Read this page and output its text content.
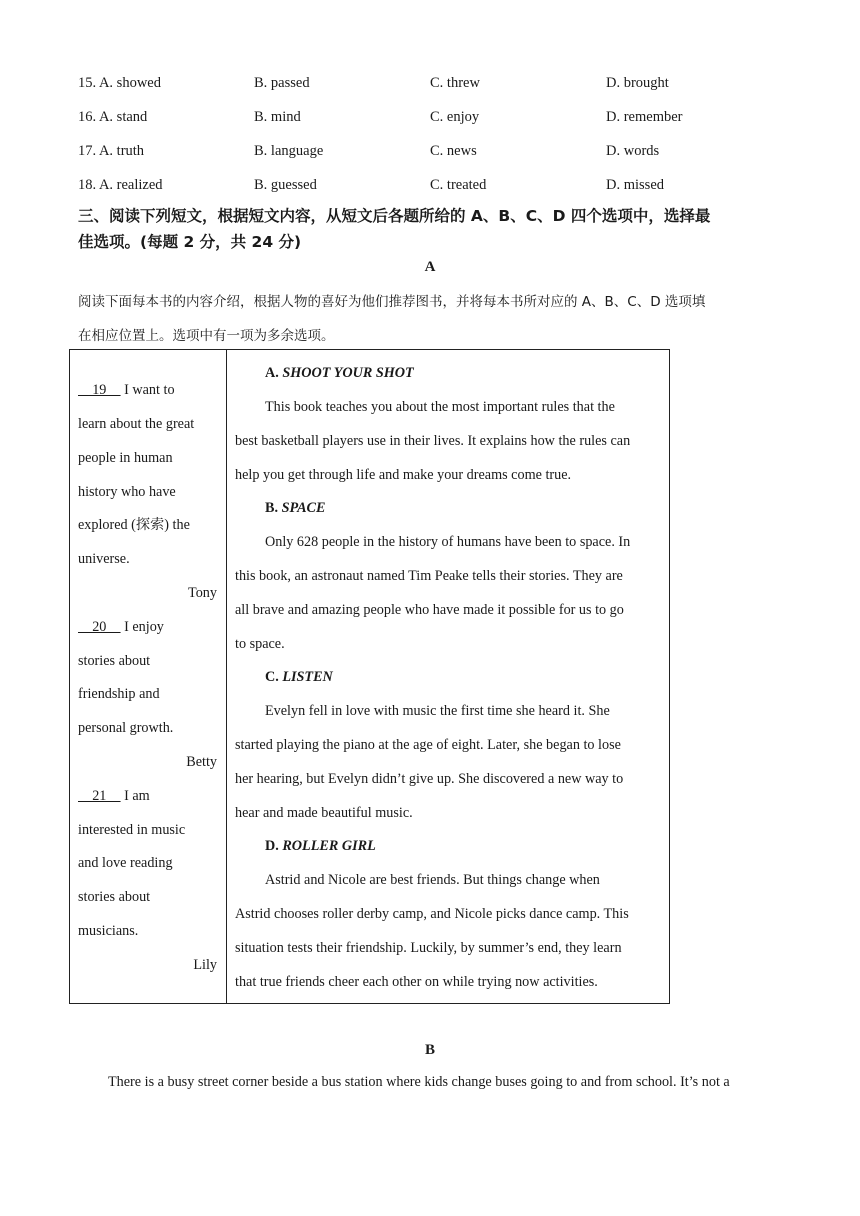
15. A. showed	B. passed	C. threw	D. brought
16. A. stand	B. mind	C. enjoy	D. remember
17. A. truth	B. language	C. news	D. words
18. A. realized	B. guessed	C. treated	D. missed
三、阅读下列短文，根据短文内容，从短文后各题所给的 A、B、C、D 四个选项中，选择最
佳选项。(每题 2 分，共 24 分)
A
阅读下面每本书的内容介绍，根据人物的喜好为他们推荐图书，并将每本书所对应的 A、B、C、D 选项填
在相应位置上。选项中有一项为多余选项。
19     I want to
learn about the great
people in human
history who have
explored (探索) the
universe.
Tony
20     I enjoy
stories about
friendship and
personal growth.
Betty
21     I am
interested in music
and love reading
stories about
musicians.
Lily
A. SHOOT YOUR SHOT
This book teaches you about the most important rules that the
best basketball players use in their lives. It explains how the rules can
help you get through life and make your dreams come true.
B. SPACE
Only 628 people in the history of humans have been to space. In
this book, an astronaut named Tim Peake tells their stories. They are
all brave and amazing people who have made it possible for us to go
to space.
C. LISTEN
Evelyn fell in love with music the first time she heard it. She
started playing the piano at the age of eight. Later, she began to lose
her hearing, but Evelyn didn’t give up. She discovered a new way to
hear and made beautiful music.
D. ROLLER GIRL
Astrid and Nicole are best friends. But things change when
Astrid chooses roller derby camp, and Nicole picks dance camp. This
situation tests their friendship. Luckily, by summer’s end, they learn
that true friends cheer each other on while trying now activities.
B
There is a busy street corner beside a bus station where kids change buses going to and from school. It’s not a
